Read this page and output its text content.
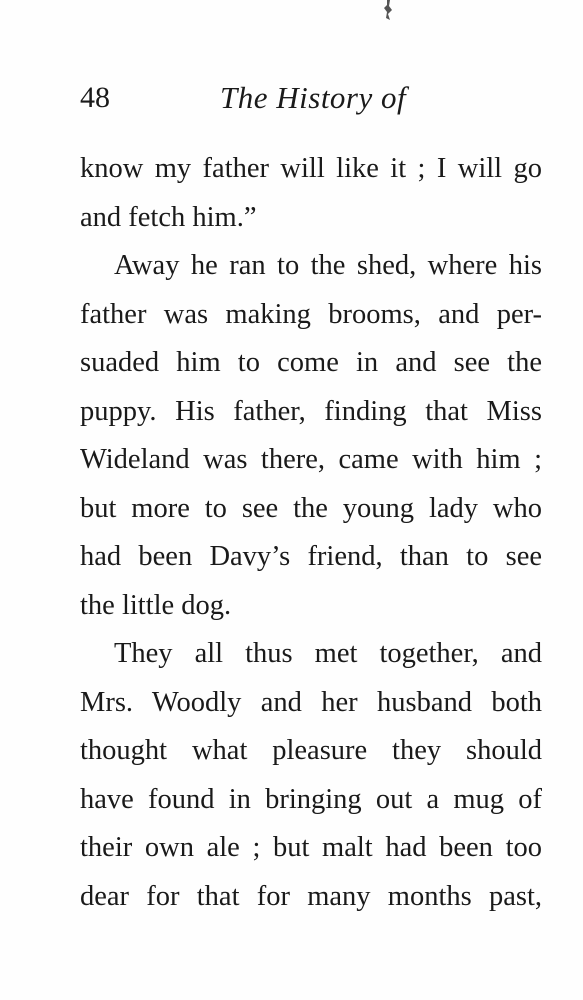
48	The History of
know my father will like it ; I will go
and fetch him.”
Away he ran to the shed, where his
father was making brooms, and per-
suaded him to come in and see the
puppy. His father, finding that Miss
Wideland was there, came with him ;
but more to see the young lady who
had been Davy’s friend, than to see
the little dog.
They all thus met together, and
Mrs. Woodly and her husband both
thought what pleasure they should
have found in bringing out a mug of
their own ale ; but malt had been too
dear for that for many months past,
